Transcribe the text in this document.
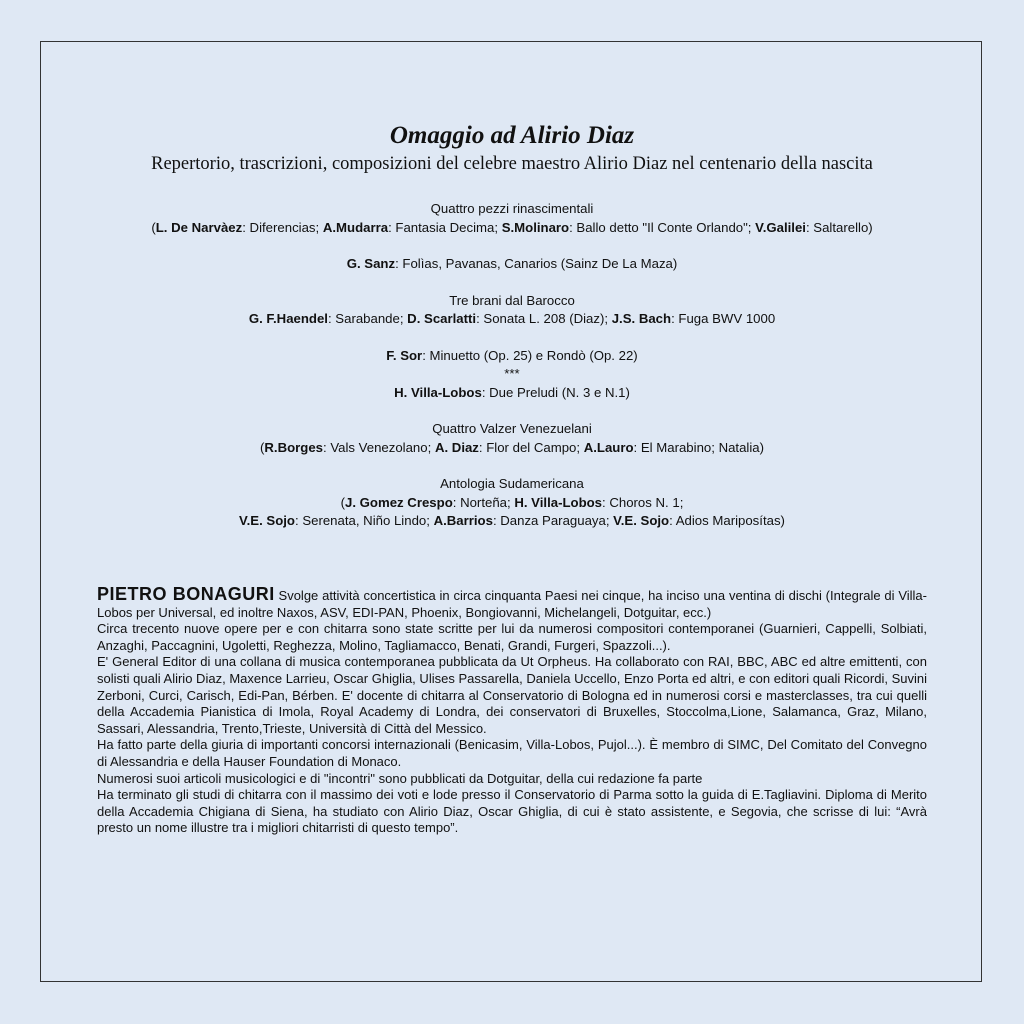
Omaggio ad Alirio Diaz
Repertorio, trascrizioni, composizioni del celebre maestro Alirio Diaz nel centenario della nascita

Quattro pezzi rinascimentali

(L. De Narvàez: Diferencias; A.Mudarra: Fantasia Decima; S.Molinaro: Ballo detto "Il Conte Orlando"; V.Galilei: Saltarello)

G. Sanz: Folìas, Pavanas, Canarios (Sainz De La Maza)

Tre brani dal Barocco

G. F.Haendel: Sarabande; D. Scarlatti: Sonata L. 208 (Diaz); J.S. Bach: Fuga BWV 1000

F. Sor: Minuetto (Op. 25) e Rondò (Op. 22)

***

H. Villa-Lobos: Due Preludi (N. 3 e N.1)

Quattro Valzer Venezuelani

(R.Borges: Vals Venezolano; A. Diaz: Flor del Campo; A.Lauro: El Marabino; Natalia)

Antologia Sudamericana

(J. Gomez Crespo: Norteña; H. Villa-Lobos: Choros N. 1;

V.E. Sojo: Serenata, Niño Lindo; A.Barrios: Danza Paraguaya; V.E. Sojo: Adios Mariposítas)

PIETRO BONAGURI Svolge attività concertistica in circa cinquanta Paesi nei cinque, ha inciso una ventina di dischi (Integrale di Villa-Lobos per Universal, ed inoltre Naxos, ASV, EDI-PAN, Phoenix, Bongiovanni, Michelangeli, Dotguitar, ecc.)

Circa trecento nuove opere per e con chitarra sono state scritte per lui da numerosi compositori contemporanei (Guarnieri, Cappelli, Solbiati, Anzaghi, Paccagnini, Ugoletti, Reghezza, Molino, Tagliamacco, Benati, Grandi, Furgeri, Spazzoli...).

E' General Editor di una collana di musica contemporanea pubblicata da Ut Orpheus. Ha collaborato con RAI, BBC, ABC ed altre emittenti, con solisti quali Alirio Diaz, Maxence Larrieu, Oscar Ghiglia, Ulises Passarella, Daniela Uccello, Enzo Porta ed altri, e con editori quali Ricordi, Suvini Zerboni, Curci, Carisch, Edi-Pan, Bérben. E' docente di chitarra al Conservatorio di Bologna ed in numerosi corsi e masterclasses, tra cui quelli della Accademia Pianistica di Imola, Royal Academy di Londra, dei conservatori di Bruxelles, Stoccolma,Lione, Salamanca, Graz, Milano, Sassari, Alessandria, Trento,Trieste, Università di Città del Messico.

Ha fatto parte della giuria di importanti concorsi internazionali (Benicasim, Villa-Lobos, Pujol...). È membro di SIMC, Del Comitato del Convegno di Alessandria e della Hauser Foundation di Monaco.

Numerosi suoi articoli musicologici e di "incontri" sono pubblicati da Dotguitar, della cui redazione fa parte

Ha terminato gli studi di chitarra con il massimo dei voti e lode presso il Conservatorio di Parma sotto la guida di E.Tagliavini. Diploma di Merito della Accademia Chigiana di Siena, ha studiato con Alirio Diaz, Oscar Ghiglia, di cui è stato assistente, e Segovia, che scrisse di lui: “Avrà presto un nome illustre tra i migliori chitarristi di questo tempo”.
